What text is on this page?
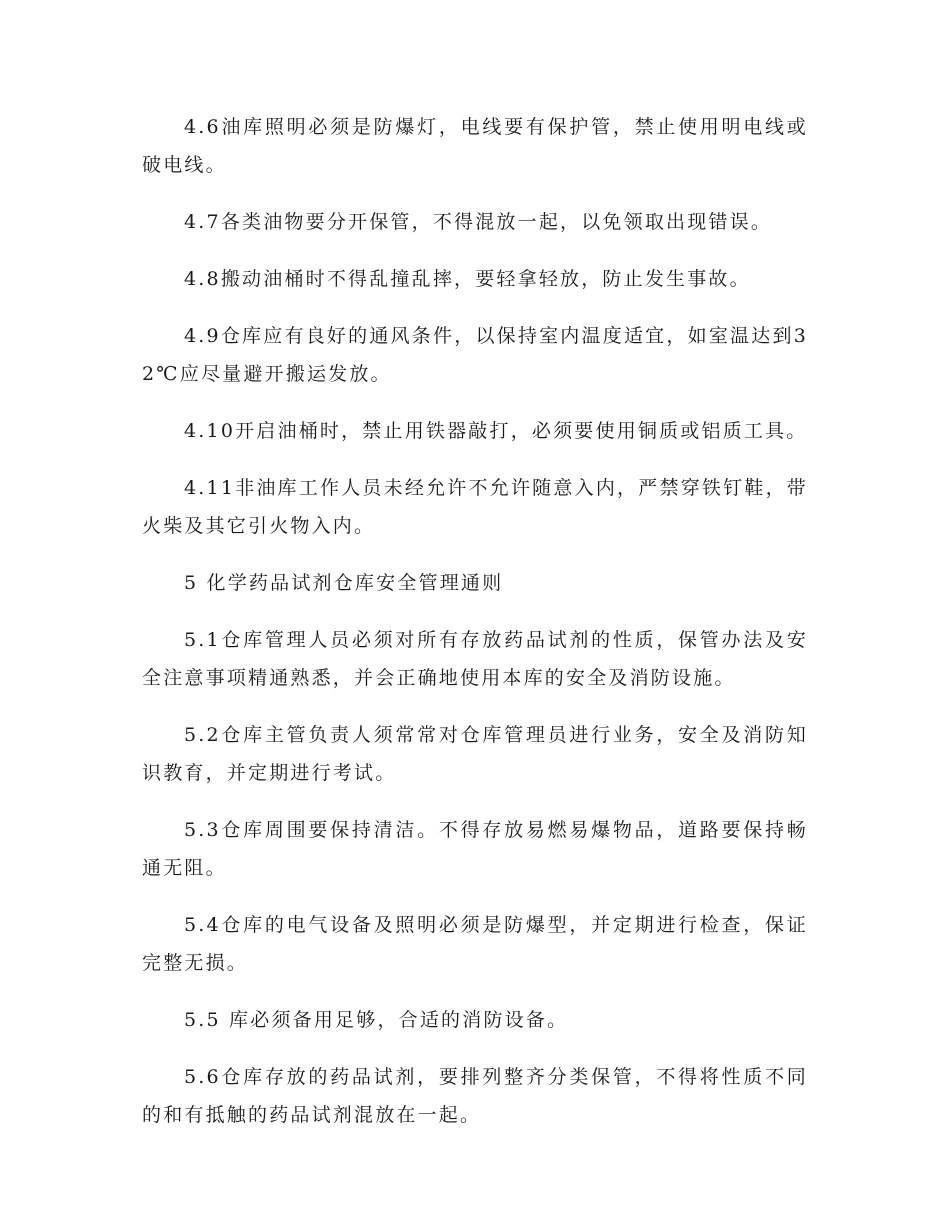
4.6油库照明必须是防爆灯，电线要有保护管，禁止使用明电线或破电线。

4.7各类油物要分开保管，不得混放一起，以免领取出现错误。

4.8搬动油桶时不得乱撞乱摔，要轻拿轻放，防止发生事故。

4.9仓库应有良好的通风条件，以保持室内温度适宜，如室温达到32℃应尽量避开搬运发放。

4.10开启油桶时，禁止用铁器敲打，必须要使用铜质或铝质工具。

4.11非油库工作人员未经允许不允许随意入内，严禁穿铁钉鞋，带火柴及其它引火物入内。

5 化学药品试剂仓库安全管理通则

5.1仓库管理人员必须对所有存放药品试剂的性质，保管办法及安全注意事项精通熟悉，并会正确地使用本库的安全及消防设施。

5.2仓库主管负责人须常常对仓库管理员进行业务，安全及消防知识教育，并定期进行考试。

5.3仓库周围要保持清洁。不得存放易燃易爆物品，道路要保持畅通无阻。

5.4仓库的电气设备及照明必须是防爆型，并定期进行检查，保证完整无损。

5.5 库必须备用足够，合适的消防设备。

5.6仓库存放的药品试剂，要排列整齐分类保管，不得将性质不同的和有抵触的药品试剂混放在一起。
